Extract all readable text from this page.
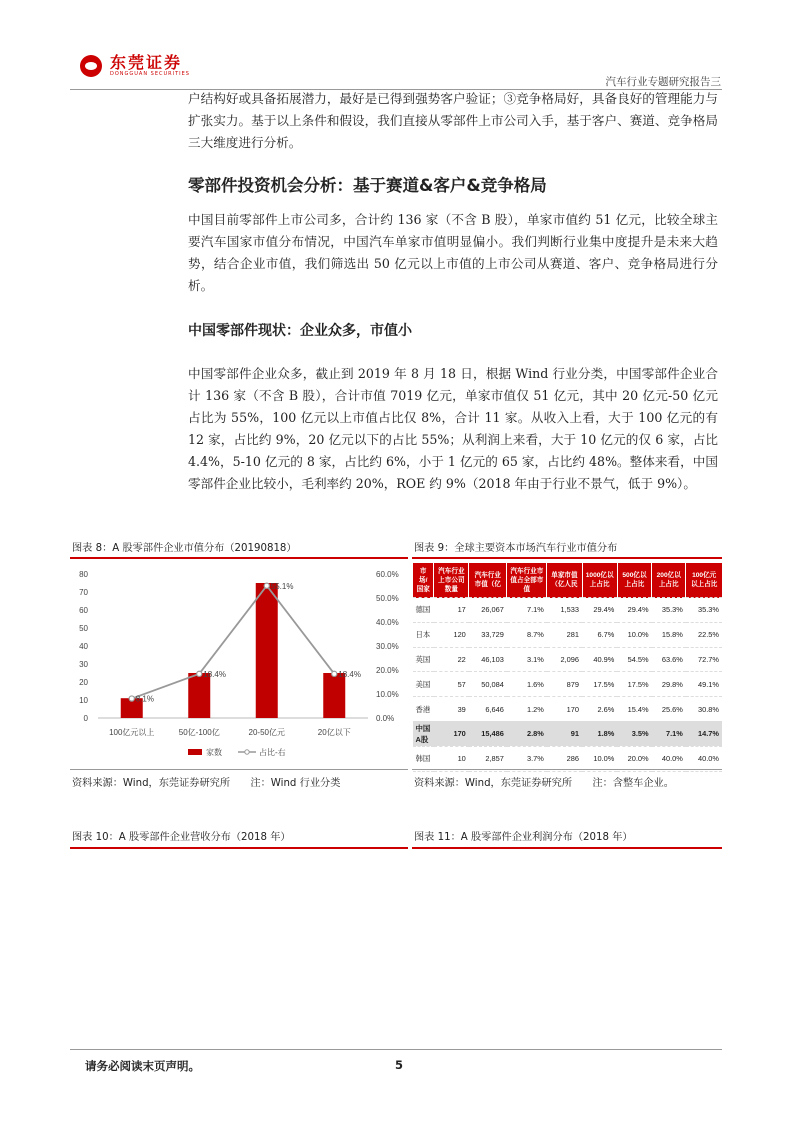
东莞证券
DONGGUAN SECURITIES
汽车行业专题研究报告三
户结构好或具备拓展潜力，最好是已得到强势客户验证；③竞争格局好，具备良好的管理能力与扩张实力。基于以上条件和假设，我们直接从零部件上市公司入手，基于客户、赛道、竞争格局三大维度进行分析。
零部件投资机会分析：基于赛道&客户&竞争格局
中国目前零部件上市公司多，合计约 136 家（不含 B 股），单家市值约 51 亿元，比较全球主要汽车国家市值分布情况，中国汽车单家市值明显偏小。我们判断行业集中度提升是未来大趋势，结合企业市值，我们筛选出 50 亿元以上市值的上市公司从赛道、客户、竞争格局进行分析。
中国零部件现状：企业众多，市值小
中国零部件企业众多，截止到 2019 年 8 月 18 日，根据 Wind 行业分类，中国零部件企业合计 136 家（不含 B 股），合计市值 7019 亿元，单家市值仅 51 亿元，其中 20 亿元-50 亿元占比为 55%，100 亿元以上市值占比仅 8%，合计 11 家。从收入上看，大于 100 亿元的有 12 家，占比约 9%，20 亿元以下的占比 55%；从利润上来看，大于 10 亿元的仅 6 家，占比 4.4%，5-10 亿元的 8 家，占比约 6%，小于 1 亿元的 65 家，占比约 48%。整体来看，中国零部件企业比较小，毛利率约 20%，ROE 约 9%（2018 年由于行业不景气，低于 9%）。
图表 8：A 股零部件企业市值分布（20190818）
0
10
20
30
40
50
60
70
80
0.0%
10.0%
20.0%
30.0%
40.0%
50.0%
60.0%
100亿元以上	50亿-100亿	20-50亿元	20亿以下
8.1%
18.4%
55.1%
18.4%
家数	占比-右
资料来源：Wind，东莞证券研究所　　注：Wind 行业分类
图表 9：全球主要资本市场汽车行业市值分布
市场/国家	汽车行业上市公司数量	汽车行业市值（亿	汽车行业市值占全部市值	单家市值（亿人民	1000亿以上占比	500亿以上占比	200亿以上占比	100亿元以上占比
德国	17	26,067	7.1%	1,533	29.4%	29.4%	35.3%	35.3%
日本	120	33,729	8.7%	281	6.7%	10.0%	15.8%	22.5%
英国	22	46,103	3.1%	2,096	40.9%	54.5%	63.6%	72.7%
美国	57	50,084	1.6%	879	17.5%	17.5%	29.8%	49.1%
香港	39	6,646	1.2%	170	2.6%	15.4%	25.6%	30.8%
中国A股	170	15,486	2.8%	91	1.8%	3.5%	7.1%	14.7%
韩国	10	2,857	3.7%	286	10.0%	20.0%	40.0%	40.0%
资料来源：Wind，东莞证券研究所　　注：含整车企业。
图表 10：A 股零部件企业营收分布（2018 年）	图表 11：A 股零部件企业利润分布（2018 年）
请务必阅读末页声明。	5
